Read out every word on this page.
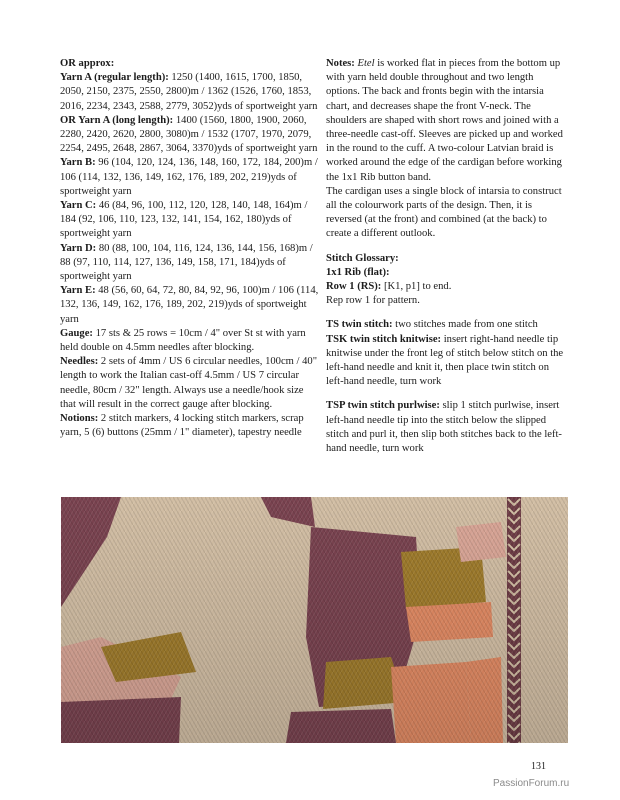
OR approx:

Yarn A (regular length): 1250 (1400, 1615, 1700, 1850, 2050, 2150, 2375, 2550, 2800)m / 1362 (1526, 1760, 1853, 2016, 2234, 2343, 2588, 2779, 3052)yds of sportweight yarn

OR Yarn A (long length): 1400 (1560, 1800, 1900, 2060, 2280, 2420, 2620, 2800, 3080)m / 1532 (1707, 1970, 2079, 2254, 2495, 2648, 2867, 3064, 3370)yds of sportweight yarn

Yarn B: 96 (104, 120, 124, 136, 148, 160, 172, 184, 200)m / 106 (114, 132, 136, 149, 162, 176, 189, 202, 219)yds of sportweight yarn

Yarn C: 46 (84, 96, 100, 112, 120, 128, 140, 148, 164)m / 184 (92, 106, 110, 123, 132, 141, 154, 162, 180)yds of sportweight yarn

Yarn D: 80 (88, 100, 104, 116, 124, 136, 144, 156, 168)m / 88 (97, 110, 114, 127, 136, 149, 158, 171, 184)yds of sportweight yarn

Yarn E: 48 (56, 60, 64, 72, 80, 84, 92, 96, 100)m / 106 (114, 132, 136, 149, 162, 176, 189, 202, 219)yds of sportweight yarn

Gauge: 17 sts & 25 rows = 10cm / 4" over St st with yarn held double on 4.5mm needles after blocking.

Needles: 2 sets of 4mm / US 6 circular needles, 100cm / 40" length to work the Italian cast-off 4.5mm / US 7 circular needle, 80cm / 32" length. Always use a needle/hook size that will result in the correct gauge after blocking.

Notions: 2 stitch markers, 4 locking stitch markers, scrap yarn, 5 (6) buttons (25mm / 1" diameter), tapestry needle

Notes: Etel is worked flat in pieces from the bottom up with yarn held double throughout and two length options. The back and fronts begin with the intarsia chart, and decreases shape the front V-neck. The shoulders are shaped with short rows and joined with a three-needle cast-off. Sleeves are picked up and worked in the round to the cuff. A two-colour Latvian braid is worked around the edge of the cardigan before working the 1x1 Rib button band.

The cardigan uses a single block of intarsia to construct all the colourwork parts of the design. Then, it is reversed (at the front) and combined (at the back) to create a different outlook.

Stitch Glossary:

1x1 Rib (flat):

Row 1 (RS): [K1, p1] to end.

Rep row 1 for pattern.

TS twin stitch: two stitches made from one stitch

TSK twin stitch knitwise: insert right-hand needle tip knitwise under the front leg of stitch below stitch on the left-hand needle and knit it, then place twin stitch on left-hand needle, turn work

TSP twin stitch purlwise: slip 1 stitch purlwise, insert left-hand needle tip into the stitch below the slipped stitch and purl it, then slip both stitches back to the left-hand needle, turn work

131
PassionForum.ru
